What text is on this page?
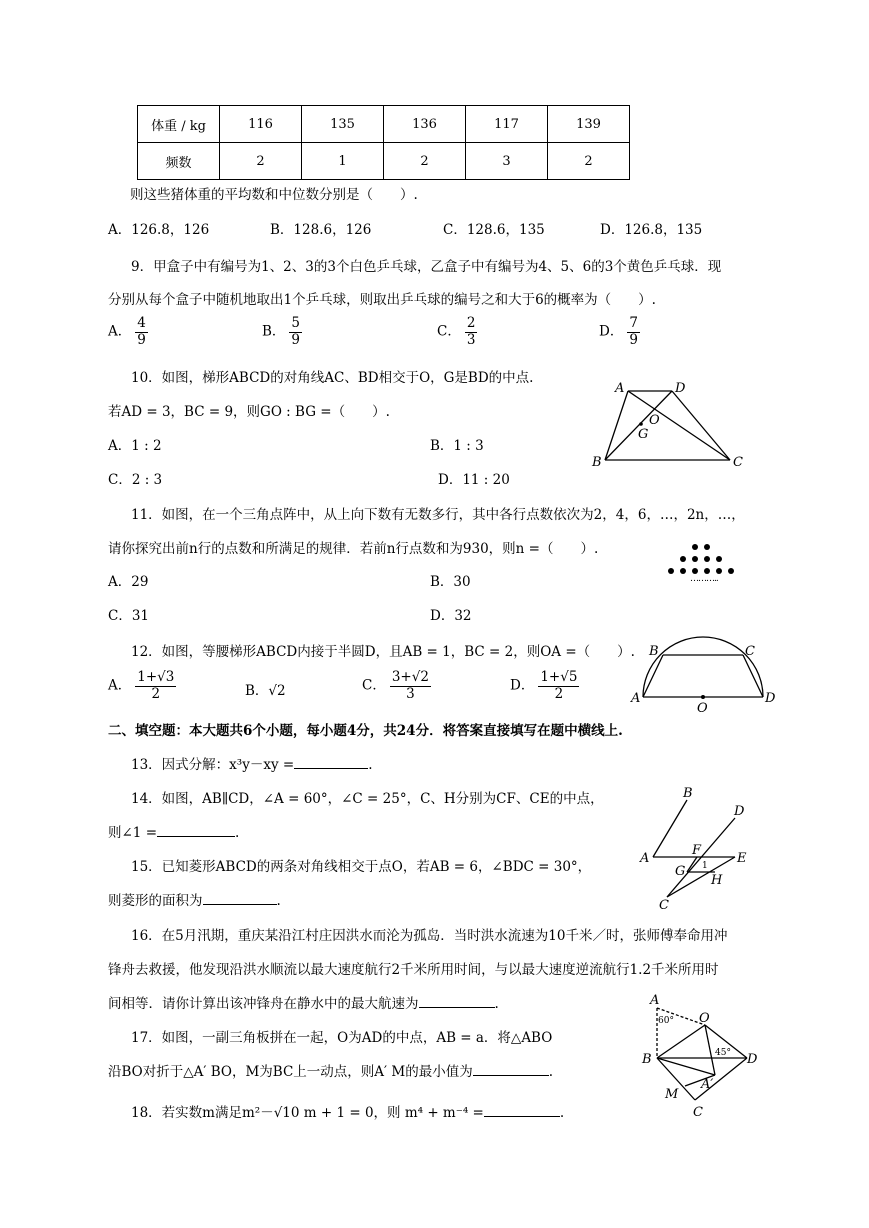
体重 / kg	116	135	136	117	139
频数	2	1	2	3	2
则这些猪体重的平均数和中位数分别是（　　）.
A．126.8，126	B．128.6，126	C．128.6，135	D．126.8，135
9．甲盒子中有编号为1、2、3的3个白色乒乓球，乙盒子中有编号为4、5、6的3个黄色乒乓球．现
分别从每个盒子中随机地取出1个乒乓球，则取出乒乓球的编号之和大于6的概率为（　　）.
A． $\frac{4}{9}$	B． $\frac{5}{9}$	C． $\frac{2}{3}$	D． $\frac{7}{9}$
10．如图，梯形ABCD的对角线AC、BD相交于O，G是BD的中点.
若AD = 3，BC = 9，则GO : BG =（　　）.
A．1 : 2	B．1 : 3
C．2 : 3	D．11 : 20
A	D
O
G
B	C
11．如图，在一个三角点阵中，从上向下数有无数多行，其中各行点数依次为2，4，6，…，2n，…，
请你探究出前n行的点数和所满足的规律．若前n行点数和为930，则n =（　　）.
A．29	B．30
C．31	D．32
………..
12．如图，等腰梯形ABCD内接于半圆D，且AB = 1，BC = 2，则OA =（　　）.
A． $\frac{1+√3}{2}$	B．√2	C． $\frac{3+√2}{3}$	D． $\frac{1+√5}{2}$	A
B	C
D
O
二、填空题：本大题共6个小题，每小题4分，共24分．将答案直接填写在题中横线上.
13．因式分解：x³y－xy =	.
14．如图，AB∥CD，∠A = 60°，∠C = 25°，C、H分别为CF、CE的中点，
则∠1 =	.
B
D
A
F
E
G 1
H
C
15．已知菱形ABCD的两条对角线相交于点O，若AB = 6，∠BDC = 30°，
则菱形的面积为	.
16．在5月汛期，重庆某沿江村庄因洪水而沦为孤岛．当时洪水流速为10千米／时，张师傅奉命用冲
锋舟去救援，他发现沿洪水顺流以最大速度航行2千米所用时间，与以最大速度逆流航行1.2千米所用时
间相等．请你计算出该冲锋舟在静水中的最大航速为	.
17．如图，一副三角板拼在一起，O为AD的中点，AB = a．将△ABO
沿BO对折于△A′ BO，M为BC上一动点，则A′ M的最小值为	.
A
60° O
B	D
45°
A′
M
C
18．若实数m满足m²－√10 m + 1 = 0，则 m⁴ + m⁻⁴ =	.
